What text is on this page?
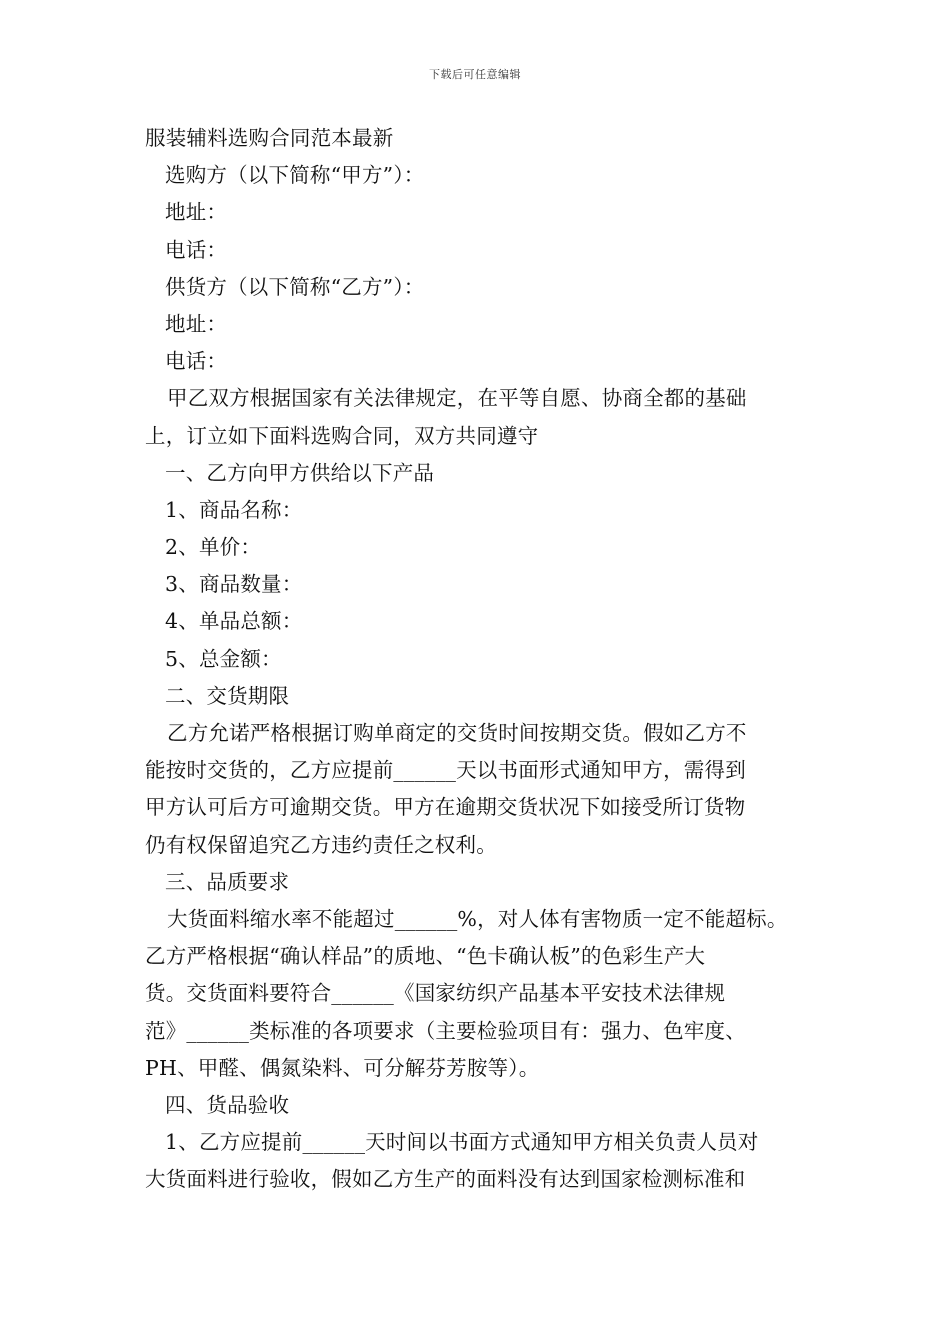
下载后可任意编辑
服装辅料选购合同范本最新
选购方（以下简称“甲方”）：
地址：
电话：
供货方（以下简称“乙方”）：
地址：
电话：
甲乙双方根据国家有关法律规定，在平等自愿、协商全都的基础
上，订立如下面料选购合同，双方共同遵守
一、乙方向甲方供给以下产品
1、商品名称：
2、单价：
3、商品数量：
4、单品总额：
5、总金额：
二、交货期限
乙方允诺严格根据订购单商定的交货时间按期交货。假如乙方不
能按时交货的，乙方应提前______天以书面形式通知甲方，需得到
甲方认可后方可逾期交货。甲方在逾期交货状况下如接受所订货物
仍有权保留追究乙方违约责任之权利。
三、品质要求
大货面料缩水率不能超过______%，对人体有害物质一定不能超标。
乙方严格根据“确认样品”的质地、“色卡确认板”的色彩生产大
货。交货面料要符合______《国家纺织产品基本平安技术法律规
范》______类标准的各项要求（主要检验项目有：强力、色牢度、
PH、甲醛、偶氮染料、可分解芬芳胺等）。
四、货品验收
1、乙方应提前______天时间以书面方式通知甲方相关负责人员对
大货面料进行验收，假如乙方生产的面料没有达到国家检测标准和
